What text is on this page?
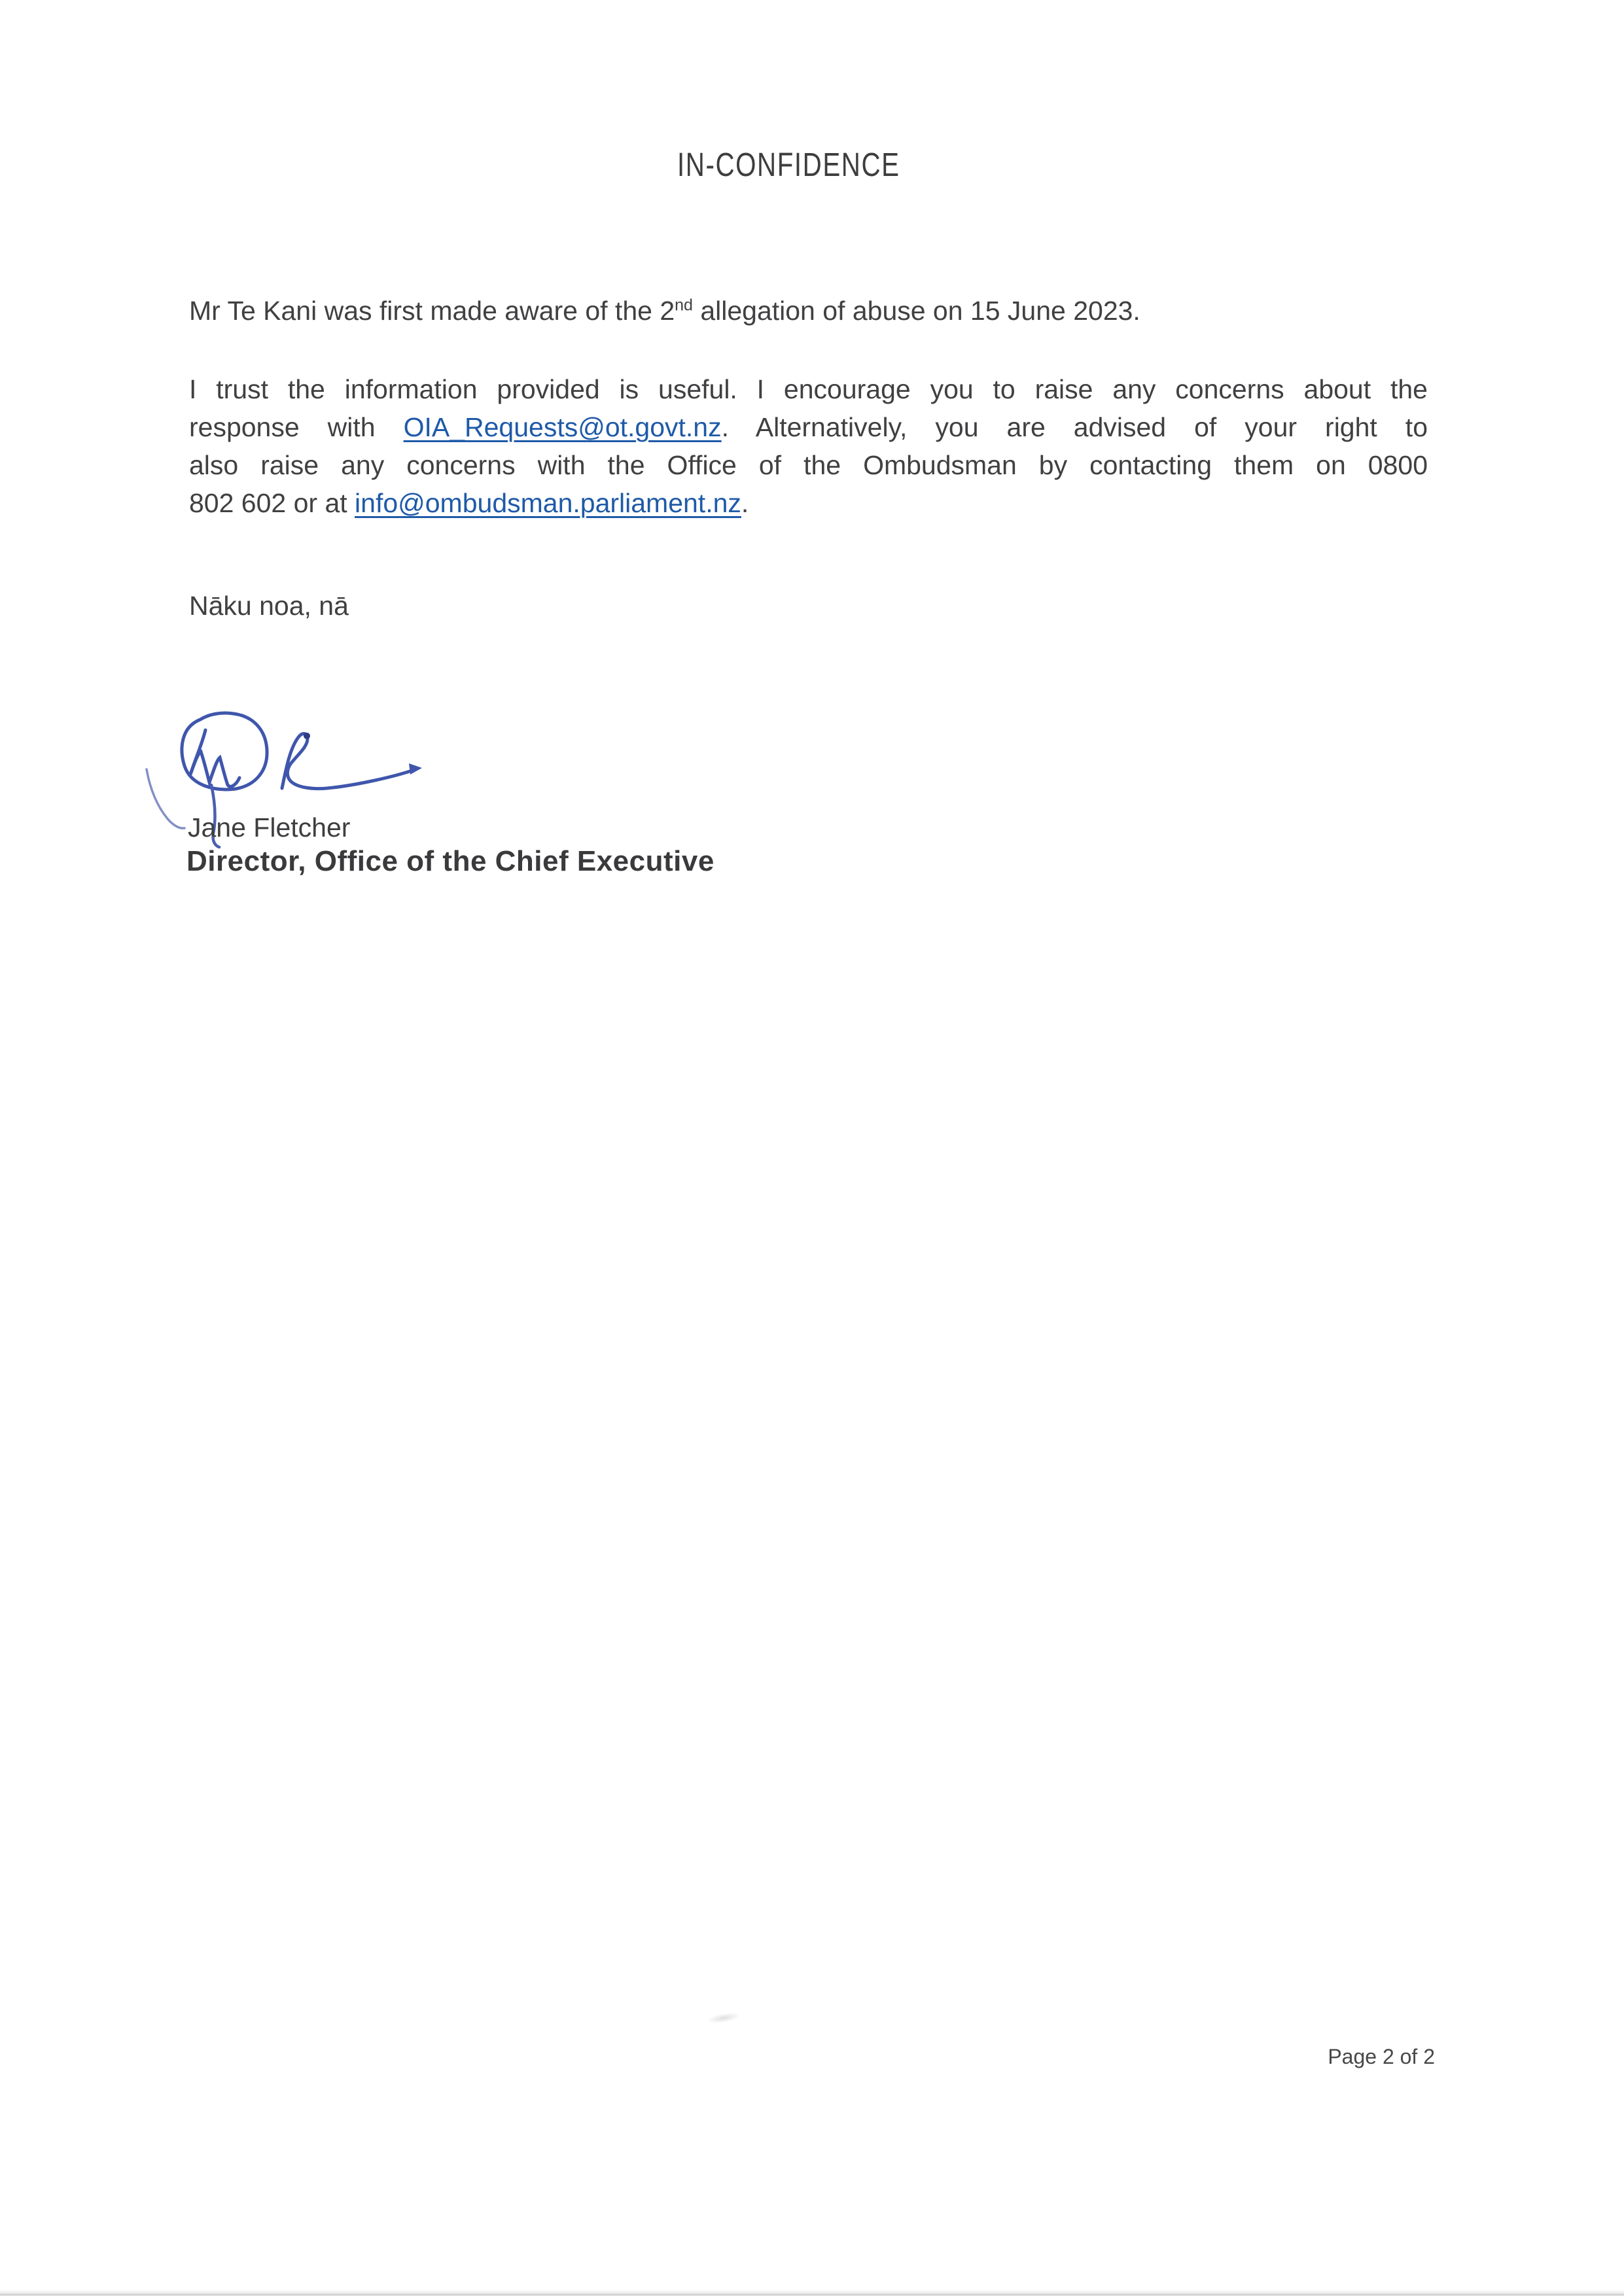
IN-CONFIDENCE

Mr Te Kani was first made aware of the 2nd allegation of abuse on 15 June 2023.

I trust the information provided is useful. I encourage you to raise any concerns about the
response with OIA_Requests@ot.govt.nz. Alternatively, you are advised of your right to
also raise any concerns with the Office of the Ombudsman by contacting them on 0800
802 602 or at info@ombudsman.parliament.nz.

Nāku noa, nā

Jane Fletcher
Director, Office of the Chief Executive
Page 2 of 2
